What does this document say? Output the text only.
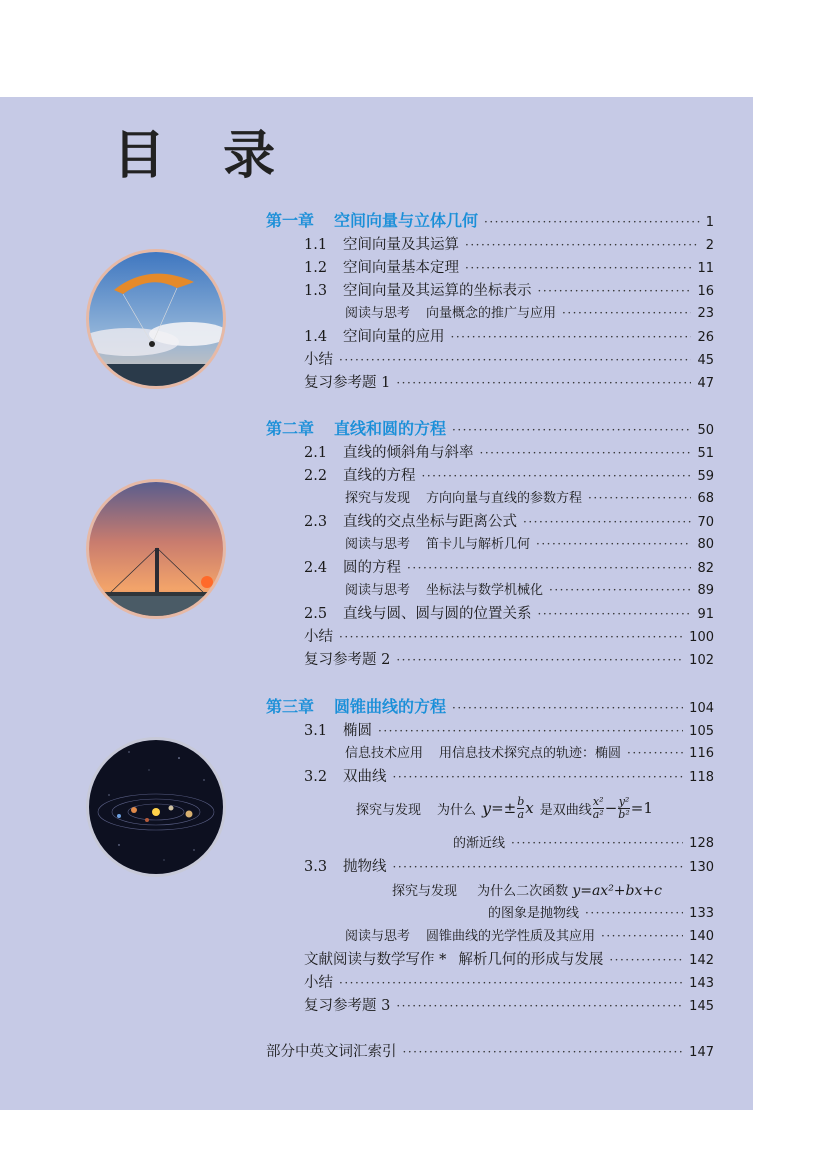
目 录
第一章 空间向量与立体几何 ·····	1
1.1	空间向量及其运算 ·····	2
1.2	空间向量基本定理 ·····	11
1.3	空间向量及其运算的坐标表示 ·····	16
阅读与思考 向量概念的推广与应用 ·····	23
1.4	空间向量的应用 ·····	26
小结 ·····	45
复习参考题 1 ·····	47
第二章 直线和圆的方程 ·····	50
2.1	直线的倾斜角与斜率 ·····	51
2.2	直线的方程 ·····	59
探究与发现 方向向量与直线的参数方程 ·····	68
2.3	直线的交点坐标与距离公式 ·····	70
阅读与思考 笛卡儿与解析几何 ·····	80
2.4	圆的方程 ·····	82
阅读与思考 坐标法与数学机械化 ·····	89
2.5	直线与圆、圆与圆的位置关系 ·····	91
小结 ·····	100
复习参考题 2 ·····	102
第三章 圆锥曲线的方程 ·····	104
3.1	椭圆 ·····	105
信息技术应用 用信息技术探究点的轨迹：椭圆 ·····	116
3.2	双曲线 ·····	118
探究与发现 为什么 $y =\pm \frac{b}{a}$ x 是双曲线 $\frac{\text{x²}}{\text{a²}} - \frac{\text{y²}}{\text{b²}} =1$
的渐近线 ·····	128
3.3	抛物线 ·····	130
探究与发现 为什么二次函数 y=ax²+bx+c
的图象是抛物线 ·····	133
阅读与思考 圆锥曲线的光学性质及其应用 ·····	140
文献阅读与数学写作 * 解析几何的形成与发展 ·····	142
小结 ·····	143
复习参考题 3 ·····	145
部分中英文词汇索引 ·····	147
